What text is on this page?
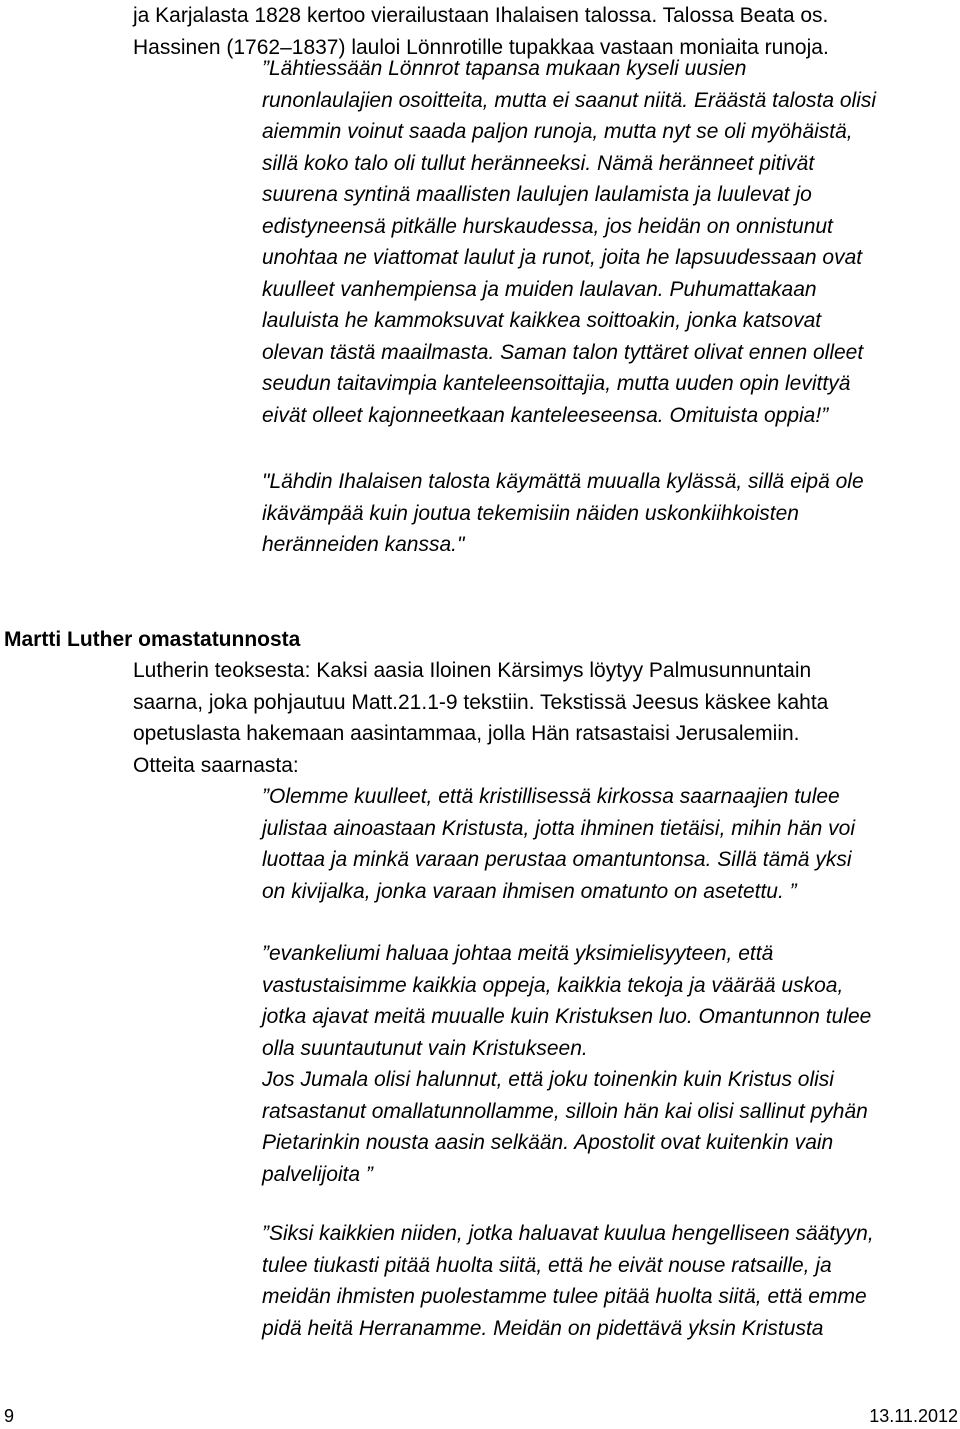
ja Karjalasta 1828 kertoo vierailustaan Ihalaisen talossa. Talossa Beata os.
Hassinen (1762–1837) lauloi Lönnrotille tupakkaa vastaan moniaita runoja.
”Lähtiessään Lönnrot tapansa mukaan kyseli uusien
runonlaulajien osoitteita, mutta ei saanut niitä. Eräästä talosta olisi
aiemmin voinut saada paljon runoja, mutta nyt se oli myöhäistä,
sillä koko talo oli tullut heränneeksi. Nämä heränneet pitivät
suurena syntinä maallisten laulujen laulamista ja luulevat jo
edistyneensä pitkälle hurskaudessa, jos heidän on onnistunut
unohtaa ne viattomat laulut ja runot, joita he lapsuudessaan ovat
kuulleet vanhempiensa ja muiden laulavan. Puhumattakaan
lauluista he kammoksuvat kaikkea soittoakin, jonka katsovat
olevan tästä maailmasta. Saman talon tyttäret olivat ennen olleet
seudun taitavimpia kanteleensoittajia, mutta uuden opin levittyä
eivät olleet kajonneetkaan kanteleeseensa. Omituista oppia!”
"Lähdin Ihalaisen talosta käymättä muualla kylässä, sillä eipä ole
ikävämpää kuin joutua tekemisiin näiden uskonkiihkoisten
heränneiden kanssa."
Martti Luther omastatunnosta
Lutherin teoksesta: Kaksi aasia Iloinen Kärsimys löytyy Palmusunnuntain
saarna, joka pohjautuu Matt.21.1-9 tekstiin. Tekstissä Jeesus käskee kahta
opetuslasta hakemaan aasintammaa, jolla Hän ratsastaisi Jerusalemiin.
Otteita saarnasta:
”Olemme kuulleet, että kristillisessä kirkossa saarnaajien tulee
julistaa ainoastaan Kristusta, jotta ihminen tietäisi, mihin hän voi
luottaa ja minkä varaan perustaa omantuntonsa. Sillä tämä yksi
on kivijalka, jonka varaan ihmisen omatunto on asetettu. ”
”evankeliumi haluaa johtaa meitä yksimielisyyteen, että
vastustaisimme kaikkia oppeja, kaikkia tekoja ja väärää uskoa,
jotka ajavat meitä muualle kuin Kristuksen luo. Omantunnon tulee
olla suuntautunut vain Kristukseen.
Jos Jumala olisi halunnut, että joku toinenkin kuin Kristus olisi
ratsastanut omallatunnollamme, silloin hän kai olisi sallinut pyhän
Pietarinkin nousta aasin selkään. Apostolit ovat kuitenkin vain
palvelijoita ”
”Siksi kaikkien niiden, jotka haluavat kuulua hengelliseen säätyyn,
tulee tiukasti pitää huolta siitä, että he eivät nouse ratsaille, ja
meidän ihmisten puolestamme tulee pitää huolta siitä, että emme
pidä heitä Herranamme. Meidän on pidettävä yksin Kristusta
9	13.11.2012
